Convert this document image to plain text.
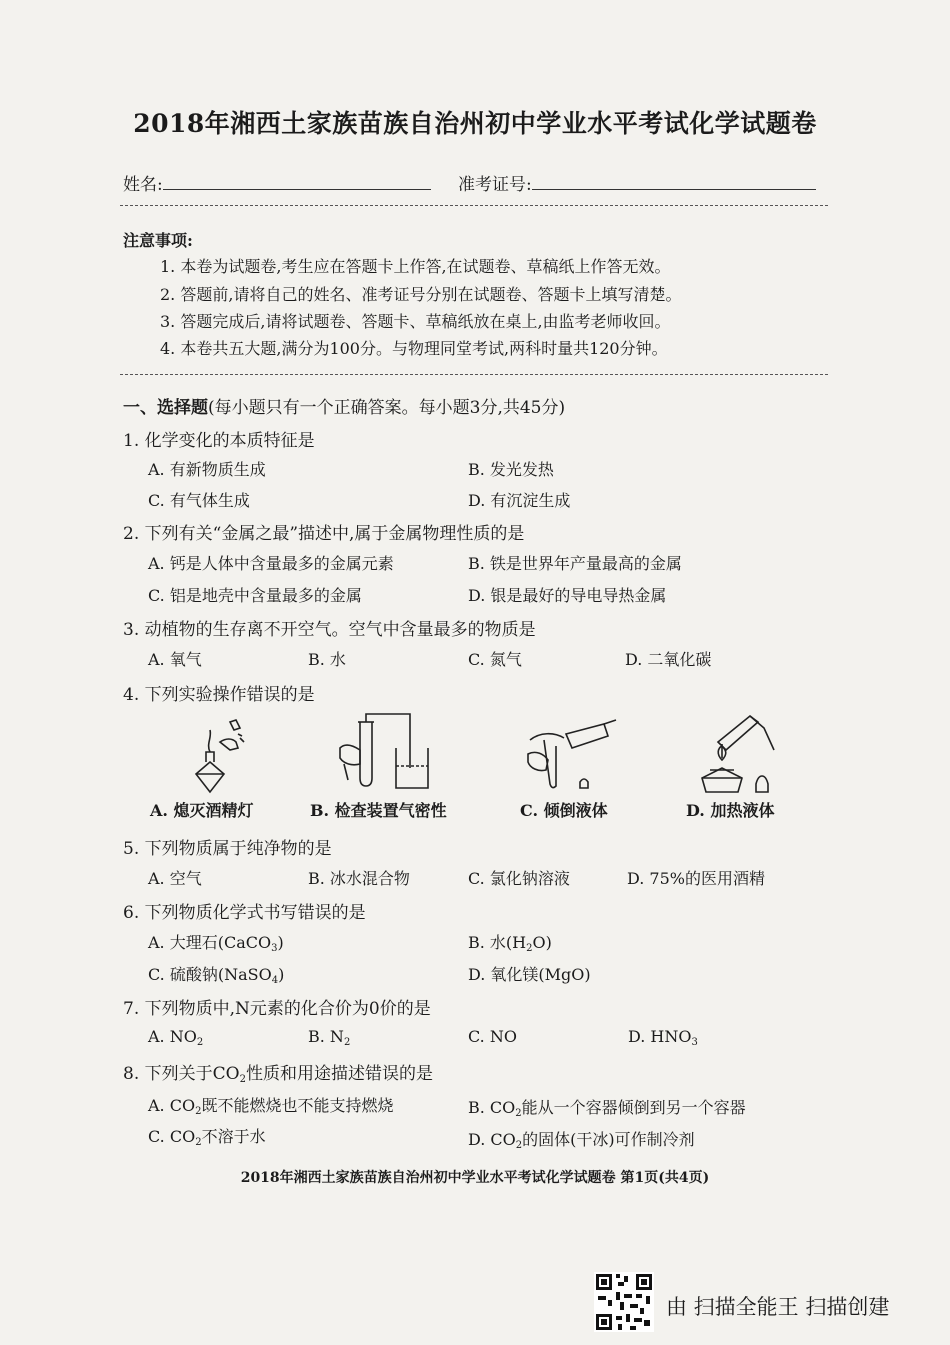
2018年湘西土家族苗族自治州初中学业水平考试化学试题卷
姓名:	准考证号:
注意事项:
1. 本卷为试题卷,考生应在答题卡上作答,在试题卷、草稿纸上作答无效。
2. 答题前,请将自己的姓名、准考证号分别在试题卷、答题卡上填写清楚。
3. 答题完成后,请将试题卷、答题卡、草稿纸放在桌上,由监考老师收回。
4. 本卷共五大题,满分为100分。与物理同堂考试,两科时量共120分钟。
一、选择题(每小题只有一个正确答案。每小题3分,共45分)
1. 化学变化的本质特征是
A. 有新物质生成	B. 发光发热
C. 有气体生成	D. 有沉淀生成
2. 下列有关“金属之最”描述中,属于金属物理性质的是
A. 钙是人体中含量最多的金属元素	B. 铁是世界年产量最高的金属
C. 铝是地壳中含量最多的金属	D. 银是最好的导电导热金属
3. 动植物的生存离不开空气。空气中含量最多的物质是
A. 氧气	B. 水	C. 氮气	D. 二氧化碳
4. 下列实验操作错误的是
A. 熄灭酒精灯	B. 检查装置气密性	C. 倾倒液体	D. 加热液体
5. 下列物质属于纯净物的是
A. 空气	B. 冰水混合物	C. 氯化钠溶液	D. 75%的医用酒精
6. 下列物质化学式书写错误的是
A. 大理石(CaCO$_3$)	B. 水$(H_2O)$
C. 硫酸钠(NaSO$_4$)	D. 氧化镁(MgO)
7. 下列物质中,N元素的化合价为0价的是
A. $NO_2$	B. $N_2$	C. NO	D. $HNO_3$
8. 下列关于$CO_2$性质和用途描述错误的是
A. $CO_2$既不能燃烧也不能支持燃烧	B. $CO_2$能从一个容器倾倒到另一个容器
C. $CO_2$不溶于水	D. $CO_2$的固体(干冰)可作制冷剂
2018年湘西土家族苗族自治州初中学业水平考试化学试题卷 第1页(共4页)
由 扫描全能王 扫描创建
